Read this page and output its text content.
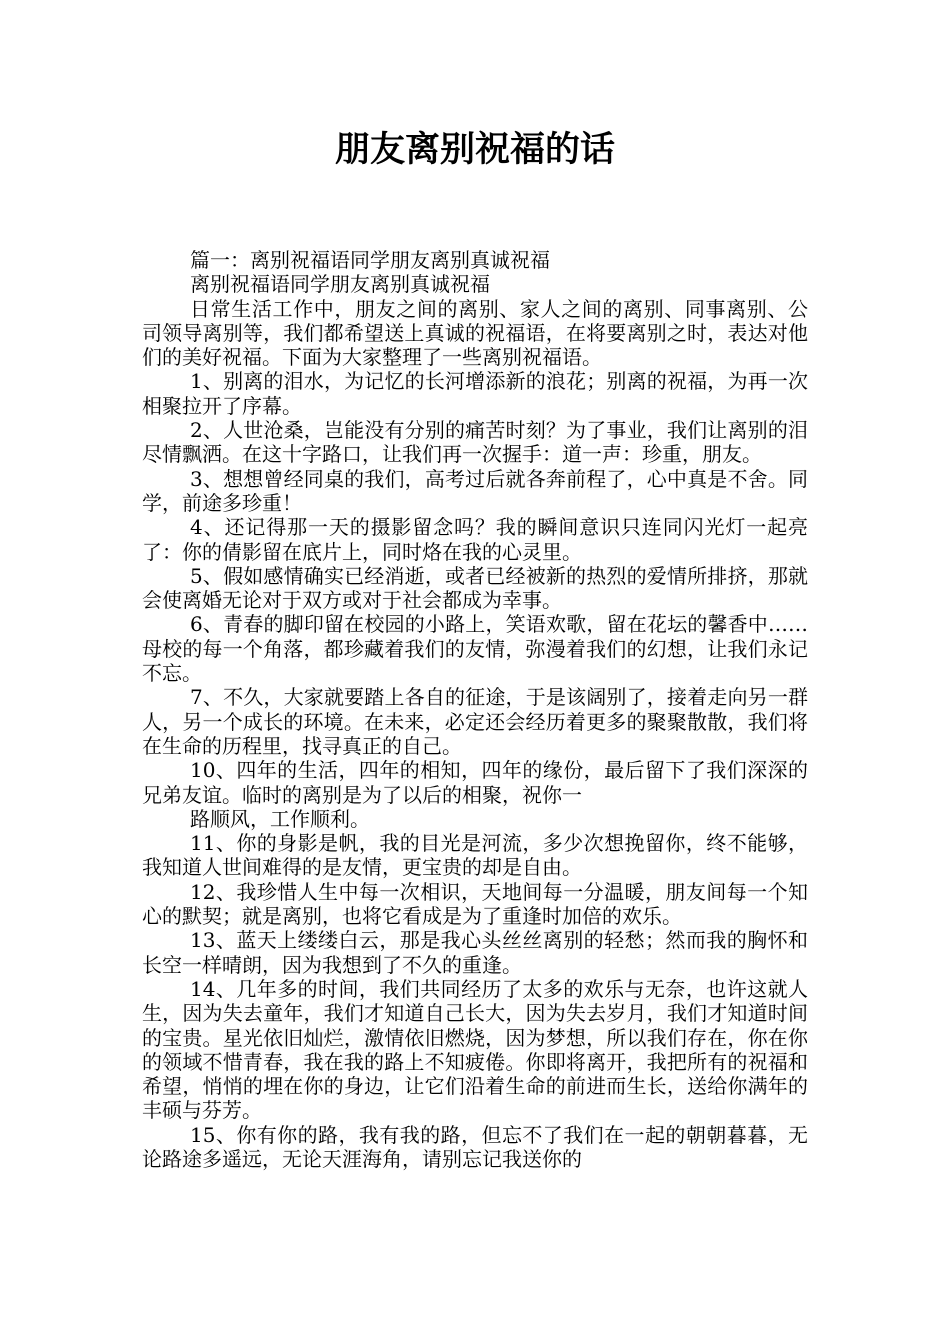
朋友离别祝福的话

篇一：离别祝福语同学朋友离别真诚祝福

离别祝福语同学朋友离别真诚祝福

日常生活工作中，朋友之间的离别、家人之间的离别、同事离别、公司领导离别等，我们都希望送上真诚的祝福语，在将要离别之时，表达对他们的美好祝福。下面为大家整理了一些离别祝福语。

1、别离的泪水，为记忆的长河增添新的浪花；别离的祝福，为再一次相聚拉开了序幕。

2、人世沧桑，岂能没有分别的痛苦时刻？为了事业，我们让离别的泪尽情飘洒。在这十字路口，让我们再一次握手：道一声：珍重，朋友。

3、想想曾经同桌的我们，高考过后就各奔前程了，心中真是不舍。同学，前途多珍重！

4、还记得那一天的摄影留念吗？我的瞬间意识只连同闪光灯一起亮了：你的倩影留在底片上，同时烙在我的心灵里。

5、假如感情确实已经消逝，或者已经被新的热烈的爱情所排挤，那就会使离婚无论对于双方或对于社会都成为幸事。

6、青春的脚印留在校园的小路上，笑语欢歌，留在花坛的馨香中……母校的每一个角落，都珍藏着我们的友情，弥漫着我们的幻想，让我们永记不忘。

7、不久，大家就要踏上各自的征途，于是该阔别了，接着走向另一群人，另一个成长的环境。在未来，必定还会经历着更多的聚聚散散，我们将在生命的历程里，找寻真正的自己。

10、四年的生活，四年的相知，四年的缘份，最后留下了我们深深的兄弟友谊。临时的离别是为了以后的相聚，祝你一

路顺风，工作顺利。

11、你的身影是帆，我的目光是河流，多少次想挽留你，终不能够，我知道人世间难得的是友情，更宝贵的却是自由。

12、我珍惜人生中每一次相识，天地间每一分温暖，朋友间每一个知心的默契；就是离别，也将它看成是为了重逢时加倍的欢乐。

13、蓝天上缕缕白云，那是我心头丝丝离别的轻愁；然而我的胸怀和长空一样晴朗，因为我想到了不久的重逢。

14、几年多的时间，我们共同经历了太多的欢乐与无奈，也许这就人生，因为失去童年，我们才知道自己长大，因为失去岁月，我们才知道时间的宝贵。星光依旧灿烂，激情依旧燃烧，因为梦想，所以我们存在，你在你的领域不惜青春，我在我的路上不知疲倦。你即将离开，我把所有的祝福和希望，悄悄的埋在你的身边，让它们沿着生命的前进而生长，送给你满年的丰硕与芬芳。

15、你有你的路，我有我的路，但忘不了我们在一起的朝朝暮暮，无论路途多遥远，无论天涯海角，请别忘记我送你的
